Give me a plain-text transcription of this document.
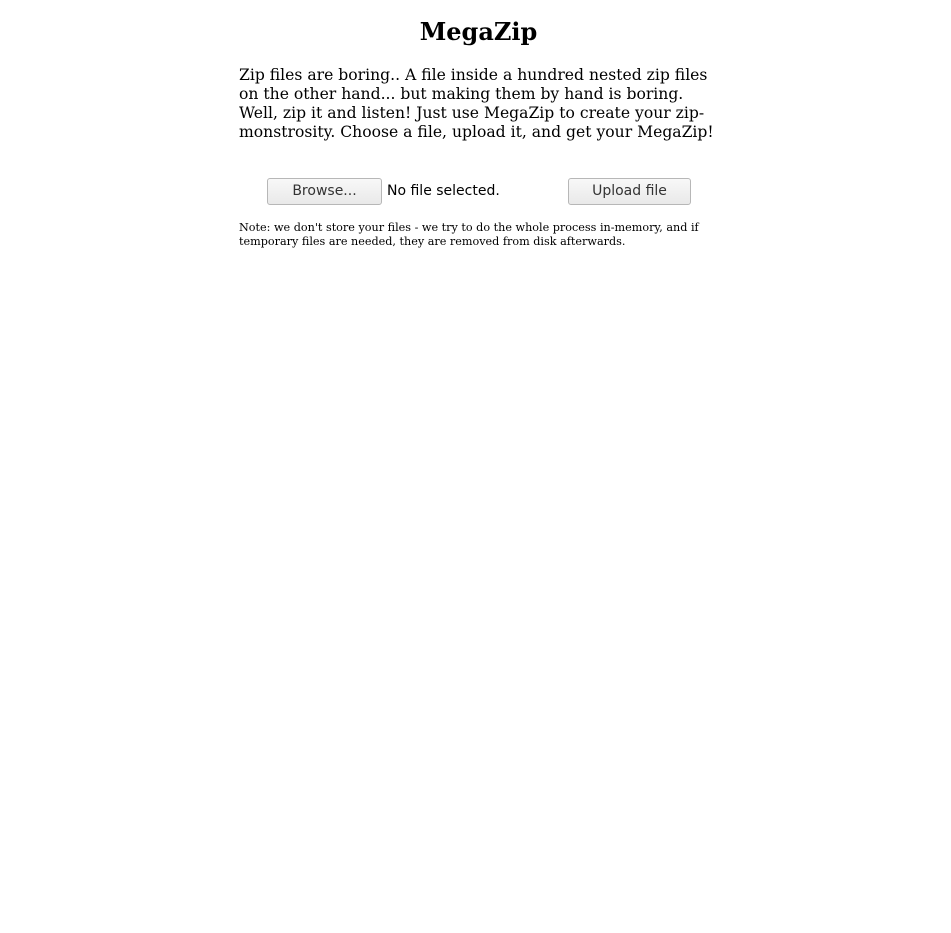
MegaZip

Zip files are boring.. A file inside a hundred nested zip files on the other hand... but making them by hand is boring. Well, zip it and listen! Just use MegaZip to create your zip-monstrosity. Choose a file, upload it, and get your MegaZip!

Browse...	No file selected.	Upload file

Note: we don't store your files - we try to do the whole process in-memory, and if temporary files are needed, they are removed from disk afterwards.
